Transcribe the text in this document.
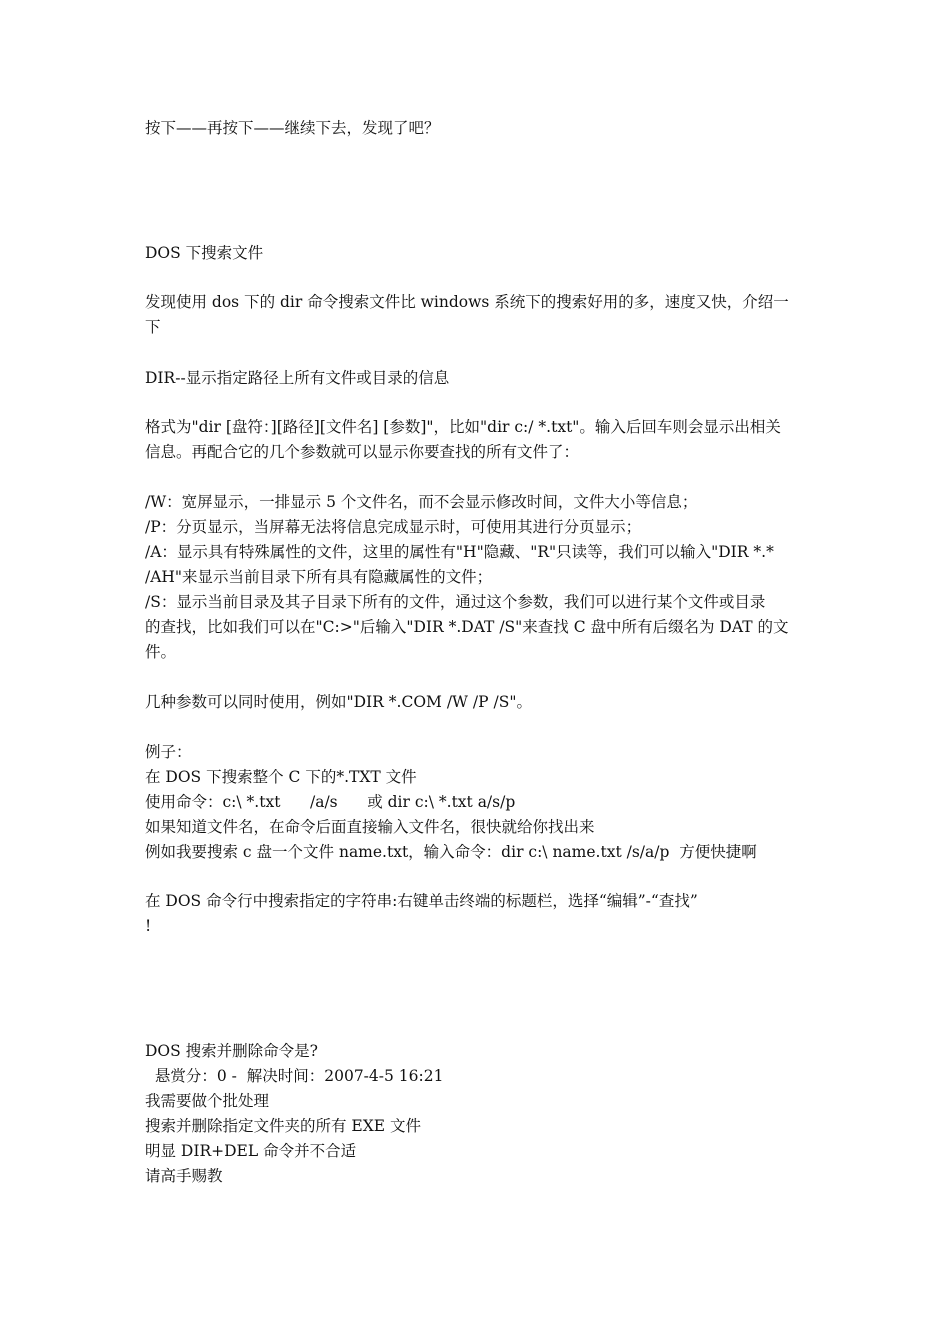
按下——再按下——继续下去，发现了吧？
DOS 下搜索文件
发现使用 dos 下的 dir 命令搜索文件比 windows 系统下的搜索好用的多，速度又快，介绍一
下
DIR--显示指定路径上所有文件或目录的信息
格式为"dir [盘符：][路径][文件名] [参数]"，比如"dir c:/ *.txt"。输入后回车则会显示出相关
信息。再配合它的几个参数就可以显示你要查找的所有文件了：
/W：宽屏显示，一排显示 5 个文件名，而不会显示修改时间，文件大小等信息；
/P：分页显示，当屏幕无法将信息完成显示时，可使用其进行分页显示；
/A：显示具有特殊属性的文件，这里的属性有"H"隐藏、"R"只读等，我们可以输入"DIR *.*
/AH"来显示当前目录下所有具有隐藏属性的文件；
/S：显示当前目录及其子目录下所有的文件，通过这个参数，我们可以进行某个文件或目录
的查找，比如我们可以在"C:>"后输入"DIR *.DAT /S"来查找 C 盘中所有后缀名为 DAT 的文
件。
几种参数可以同时使用，例如"DIR *.COM /W /P /S"。
例子：
在 DOS 下搜索整个 C 下的*.TXT 文件
使用命令：c:\ *.txt      /a/s      或 dir c:\ *.txt a/s/p
如果知道文件名，在命令后面直接输入文件名，很快就给你找出来
例如我要搜索 c 盘一个文件 name.txt，输入命令：dir c:\ name.txt /s/a/p  方便快捷啊
在 DOS 命令行中搜索指定的字符串:右键单击终端的标题栏，选择“编辑”-“查找”
!
DOS 搜索并删除命令是?
悬赏分：0 -  解决时间：2007-4-5 16:21
我需要做个批处理
搜索并删除指定文件夹的所有 EXE 文件
明显 DIR+DEL 命令并不合适
请高手赐教
